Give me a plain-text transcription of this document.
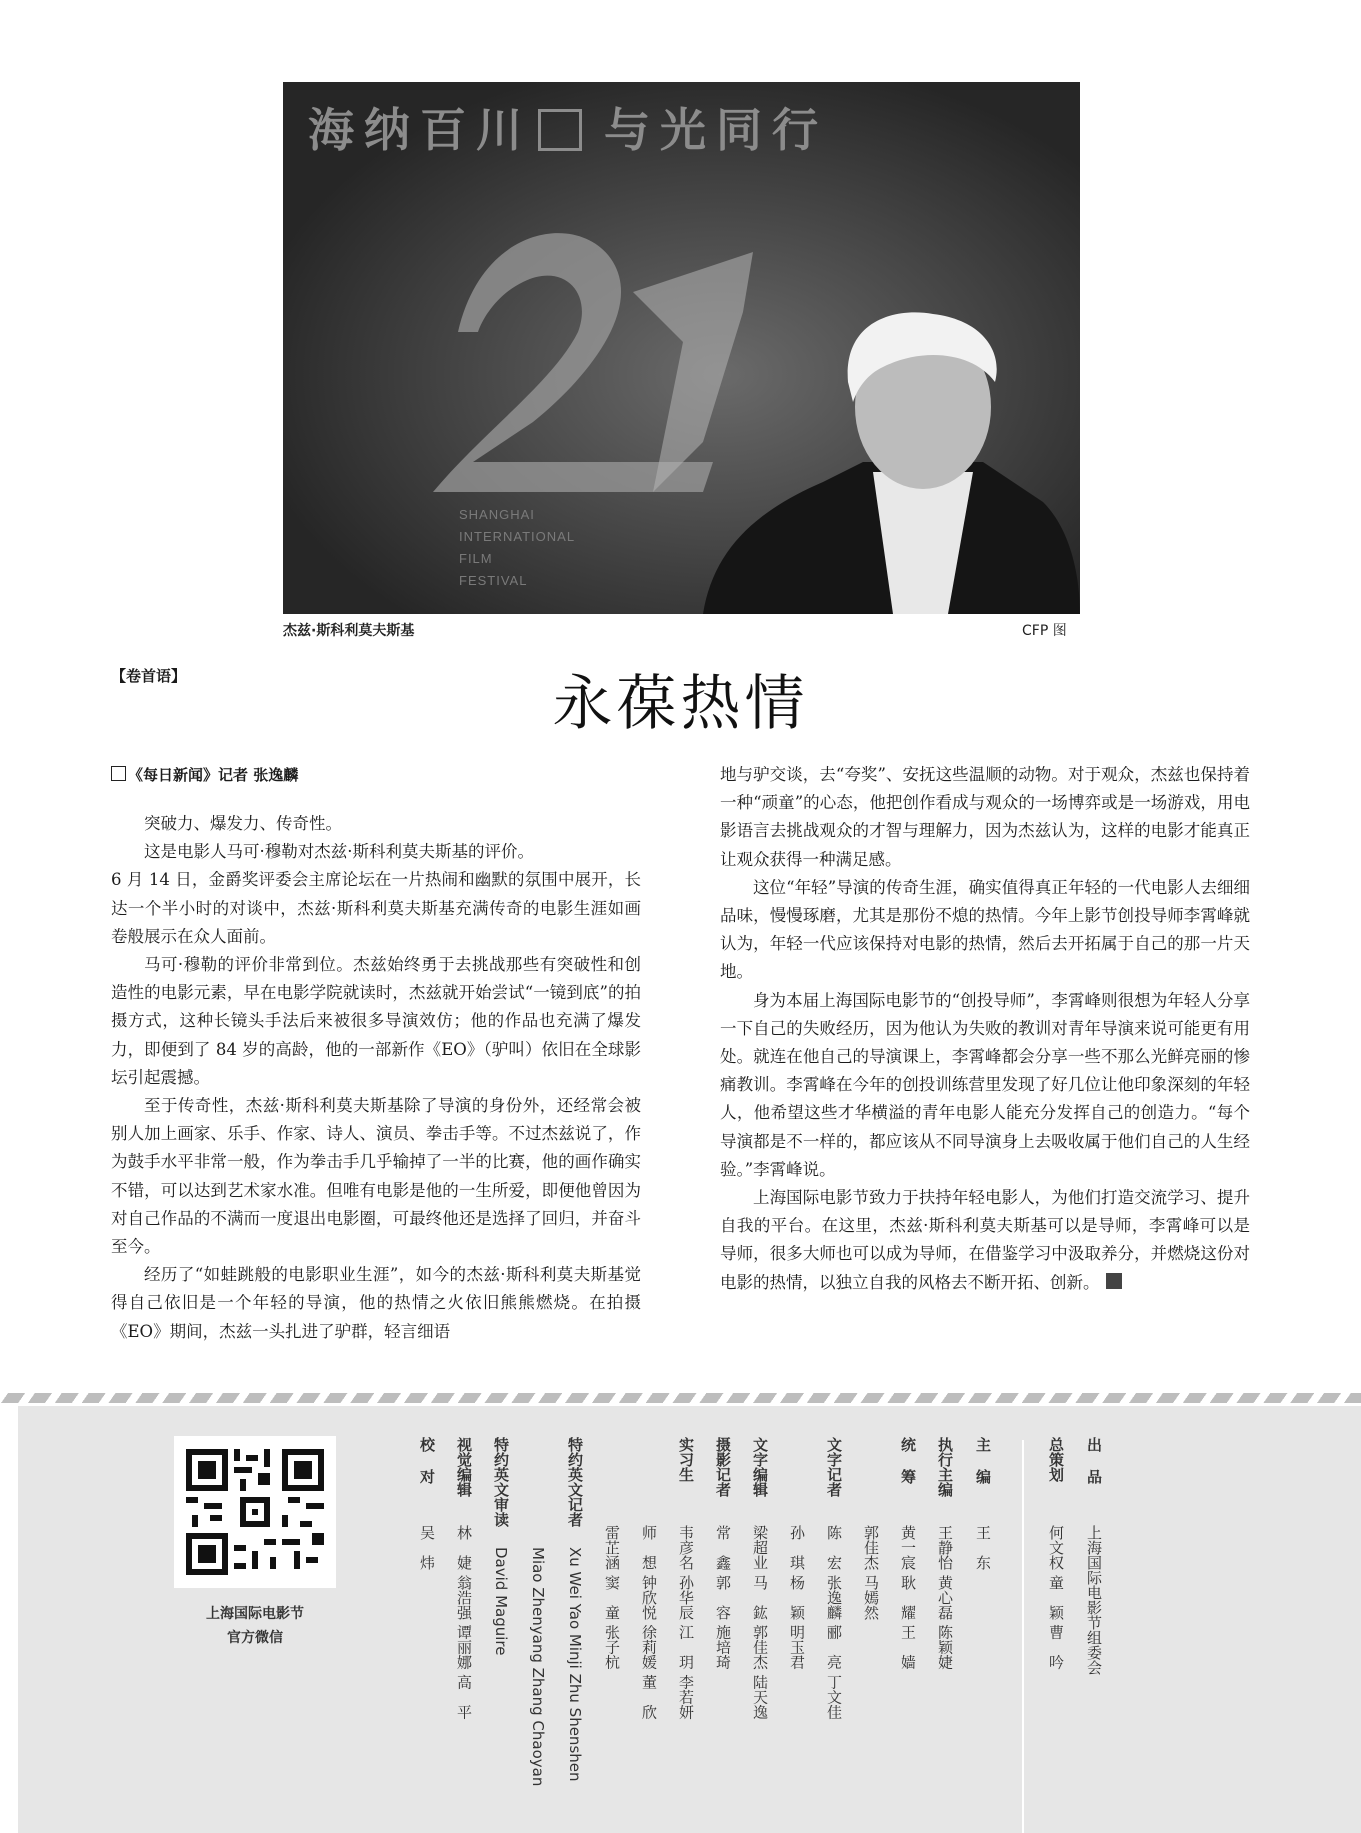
海纳百川 与光同行
SHANGHAI
INTERNATIONAL
FILM
FESTIVAL
杰兹·斯科利莫夫斯基	CFP 图
【卷首语】	永葆热情
《每日新闻》记者 张逸麟

突破力、爆发力、传奇性。

这是电影人马可·穆勒对杰兹·斯科利莫夫斯基的评价。

6 月 14 日，金爵奖评委会主席论坛在一片热闹和幽默的氛围中展开，长达一个半小时的对谈中，杰兹·斯科利莫夫斯基充满传奇的电影生涯如画卷般展示在众人面前。

马可·穆勒的评价非常到位。杰兹始终勇于去挑战那些有突破性和创造性的电影元素，早在电影学院就读时，杰兹就开始尝试“一镜到底”的拍摄方式，这种长镜头手法后来被很多导演效仿；他的作品也充满了爆发力，即便到了 84 岁的高龄，他的一部新作《EO》（驴叫）依旧在全球影坛引起震撼。

至于传奇性，杰兹·斯科利莫夫斯基除了导演的身份外，还经常会被别人加上画家、乐手、作家、诗人、演员、拳击手等。不过杰兹说了，作为鼓手水平非常一般，作为拳击手几乎输掉了一半的比赛，他的画作确实不错，可以达到艺术家水准。但唯有电影是他的一生所爱，即便他曾因为对自己作品的不满而一度退出电影圈，可最终他还是选择了回归，并奋斗至今。

经历了“如蛙跳般的电影职业生涯”，如今的杰兹·斯科利莫夫斯基觉得自己依旧是一个年轻的导演，他的热情之火依旧熊熊燃烧。在拍摄《EO》期间，杰兹一头扎进了驴群，轻言细语

地与驴交谈，去“夸奖”、安抚这些温顺的动物。对于观众，杰兹也保持着一种“顽童”的心态，他把创作看成与观众的一场博弈或是一场游戏，用电影语言去挑战观众的才智与理解力，因为杰兹认为，这样的电影才能真正让观众获得一种满足感。

这位“年轻”导演的传奇生涯，确实值得真正年轻的一代电影人去细细品味，慢慢琢磨，尤其是那份不熄的热情。今年上影节创投导师李霄峰就认为，年轻一代应该保持对电影的热情，然后去开拓属于自己的那一片天地。

身为本届上海国际电影节的“创投导师”，李霄峰则很想为年轻人分享一下自己的失败经历，因为他认为失败的教训对青年导演来说可能更有用处。就连在他自己的导演课上，李霄峰都会分享一些不那么光鲜亮丽的惨痛教训。李霄峰在今年的创投训练营里发现了好几位让他印象深刻的年轻人，他希望这些才华横溢的青年电影人能充分发挥自己的创造力。“每个导演都是不一样的，都应该从不同导演身上去吸收属于他们自己的人生经验。”李霄峰说。

上海国际电影节致力于扶持年轻电影人，为他们打造交流学习、提升自我的平台。在这里，杰兹·斯科利莫夫斯基可以是导师，李霄峰可以是导师，很多大师也可以成为导师，在借鉴学习中汲取养分，并燃烧这份对电影的热情，以独立自我的风格去不断开拓、创新。

上海国际电影节
官方微信
出品上海国际电影节组委会
总策划何文权 童　颖 曹　吟
主编王　东
执行主编王静怡 黄心磊 陈颖婕
统筹黄一宸 耿　耀 王　嫱
郭佳杰 马嫣然
文字记者陈　宏 张逸麟 郦　亮 丁文佳
孙　琪 杨　颖 明玉君
文字编辑梁超业 马　鈜 郭佳杰 陆天逸
摄影记者常　鑫 郭　容 施培琦
实习生韦彦名 孙华辰 江　玥 李若妍
师　想 钟欣悦 徐莉媛 董　欣
雷芷涵 窦　童 张子杭
特约英文记者Xu Wei Yao Minji Zhu Shenshen
Miao Zhenyang Zhang Chaoyan
特约英文审读David Maguire
视觉编辑林　婕 翁浩强 谭丽娜 高　平
校对吴　炜
